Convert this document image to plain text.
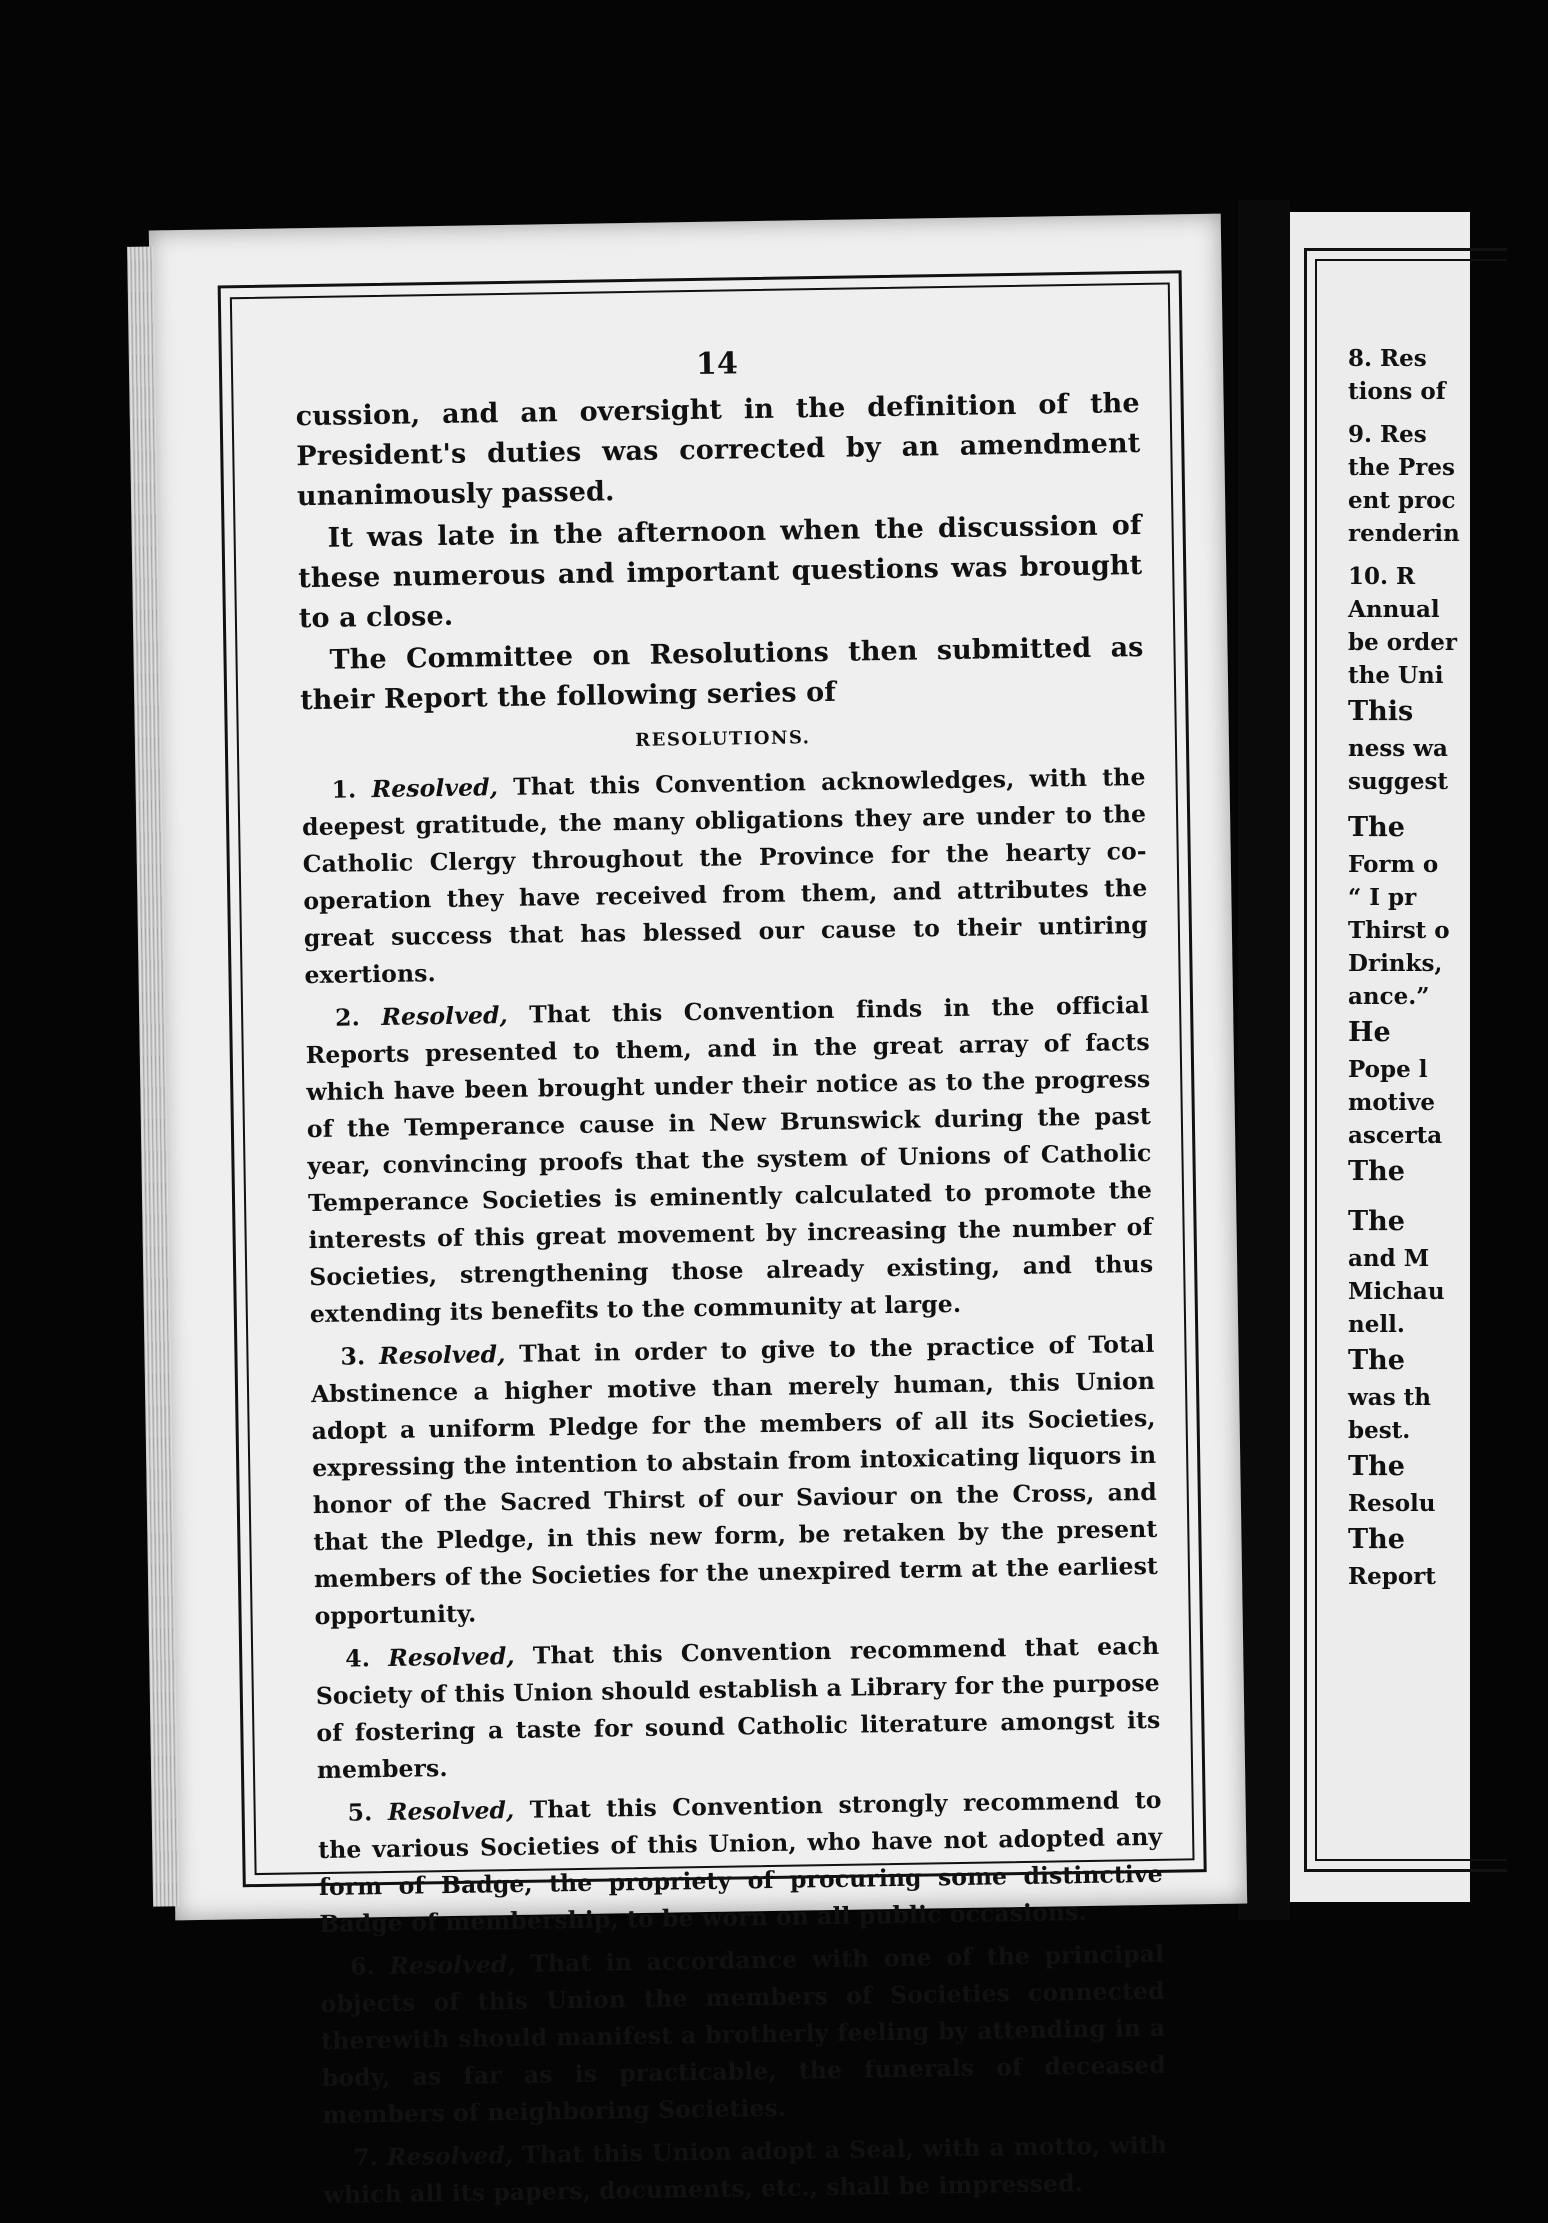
14

cussion, and an oversight in the definition of the President's duties was corrected by an amendment unanimously passed.

It was late in the afternoon when the discussion of these numerous and important questions was brought to a close.

The Committee on Resolutions then submitted as their Report the following series of

RESOLUTIONS.

1. Resolved, That this Convention acknowledges, with the deepest gratitude, the many obligations they are under to the Catholic Clergy throughout the Province for the hearty co-operation they have received from them, and attributes the great success that has blessed our cause to their untiring exertions.

2. Resolved, That this Convention finds in the official Reports presented to them, and in the great array of facts which have been brought under their notice as to the progress of the Temperance cause in New Brunswick during the past year, convincing proofs that the system of Unions of Catholic Temperance Societies is eminently calculated to promote the interests of this great movement by increasing the number of Societies, strengthening those already existing, and thus extending its benefits to the community at large.

3. Resolved, That in order to give to the practice of Total Abstinence a higher motive than merely human, this Union adopt a uniform Pledge for the members of all its Societies, expressing the intention to abstain from intoxicating liquors in honor of the Sacred Thirst of our Saviour on the Cross, and that the Pledge, in this new form, be retaken by the present members of the Societies for the unexpired term at the earliest opportunity.

4. Resolved, That this Convention recommend that each Society of this Union should establish a Library for the purpose of fostering a taste for sound Catholic literature amongst its members.

5. Resolved, That this Convention strongly recommend to the various Societies of this Union, who have not adopted any form of Badge, the propriety of procuring some distinctive Badge of membership, to be worn on all public occasions.

6. Resolved, That in accordance with one of the principal objects of this Union the members of Societies connected therewith should manifest a brotherly feeling by attending in a body, as far as is practicable, the funerals of deceased members of neighboring Societies.

7. Resolved, That this Union adopt a Seal, with a motto, with which all its papers, documents, etc., shall be impressed.

8. Res
tions of
9. Res
the Pres
ent proc
renderin
10. R
Annual
be order
the Uni
This
ness wa
suggest
The
Form o
“ I pr
Thirst o
Drinks,
ance.”
He
Pope l
motive
ascerta
The
The
and M
Michau
nell.
The
was th
best.
The
Resolu
The
Report
